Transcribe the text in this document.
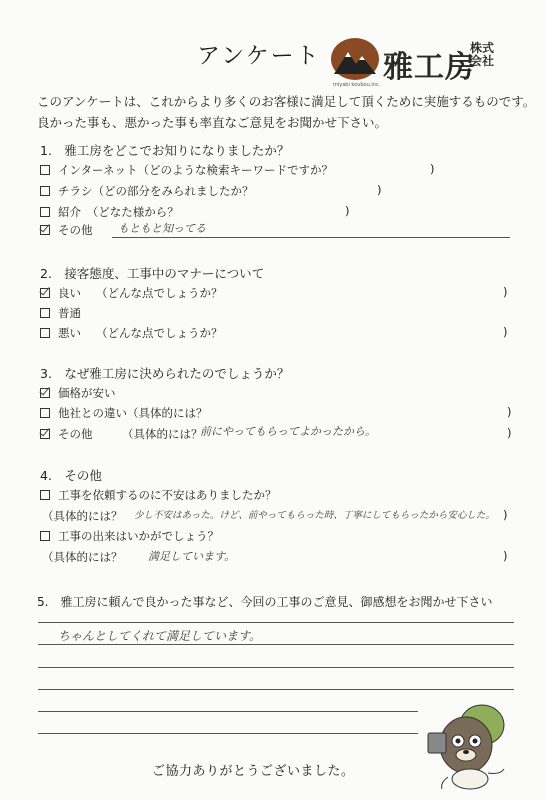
アンケート
miyabi koubou,inc. 雅工房
株式会社
このアンケートは、これからより多くのお客様に満足して頂くために実施するものです。
良かった事も、悪かった事も率直なご意見をお聞かせ下さい。
1.　雅工房をどこでお知りになりましたか？
インターネット（どのような検索キーワードですか？	)
チラシ（どの部分をみられましたか？	)
紹介　（どなた様から？	)
その他 もともと知ってる
2.　接客態度、工事中のマナーについて
良い （どんな点でしょうか？	)
普通
悪い （どんな点でしょうか？	)
3.　なぜ雅工房に決められたのでしょうか？
価格が安い
他社との違い（具体的には？	)
その他	（具体的には？
前にやってもらってよかったから。	)
4.　その他
工事を依頼するのに不安はありましたか？
（具体的には？ 少し不安はあった。けど、前やってもらった時、丁寧にしてもらったから安心した。 )
工事の出来はいかがでしょう？
（具体的には？ 満足しています。	)
5.　雅工房に頼んで良かった事など、今回の工事のご意見、御感想をお聞かせ下さい
ちゃんとしてくれて満足しています。
ご協力ありがとうございました。
